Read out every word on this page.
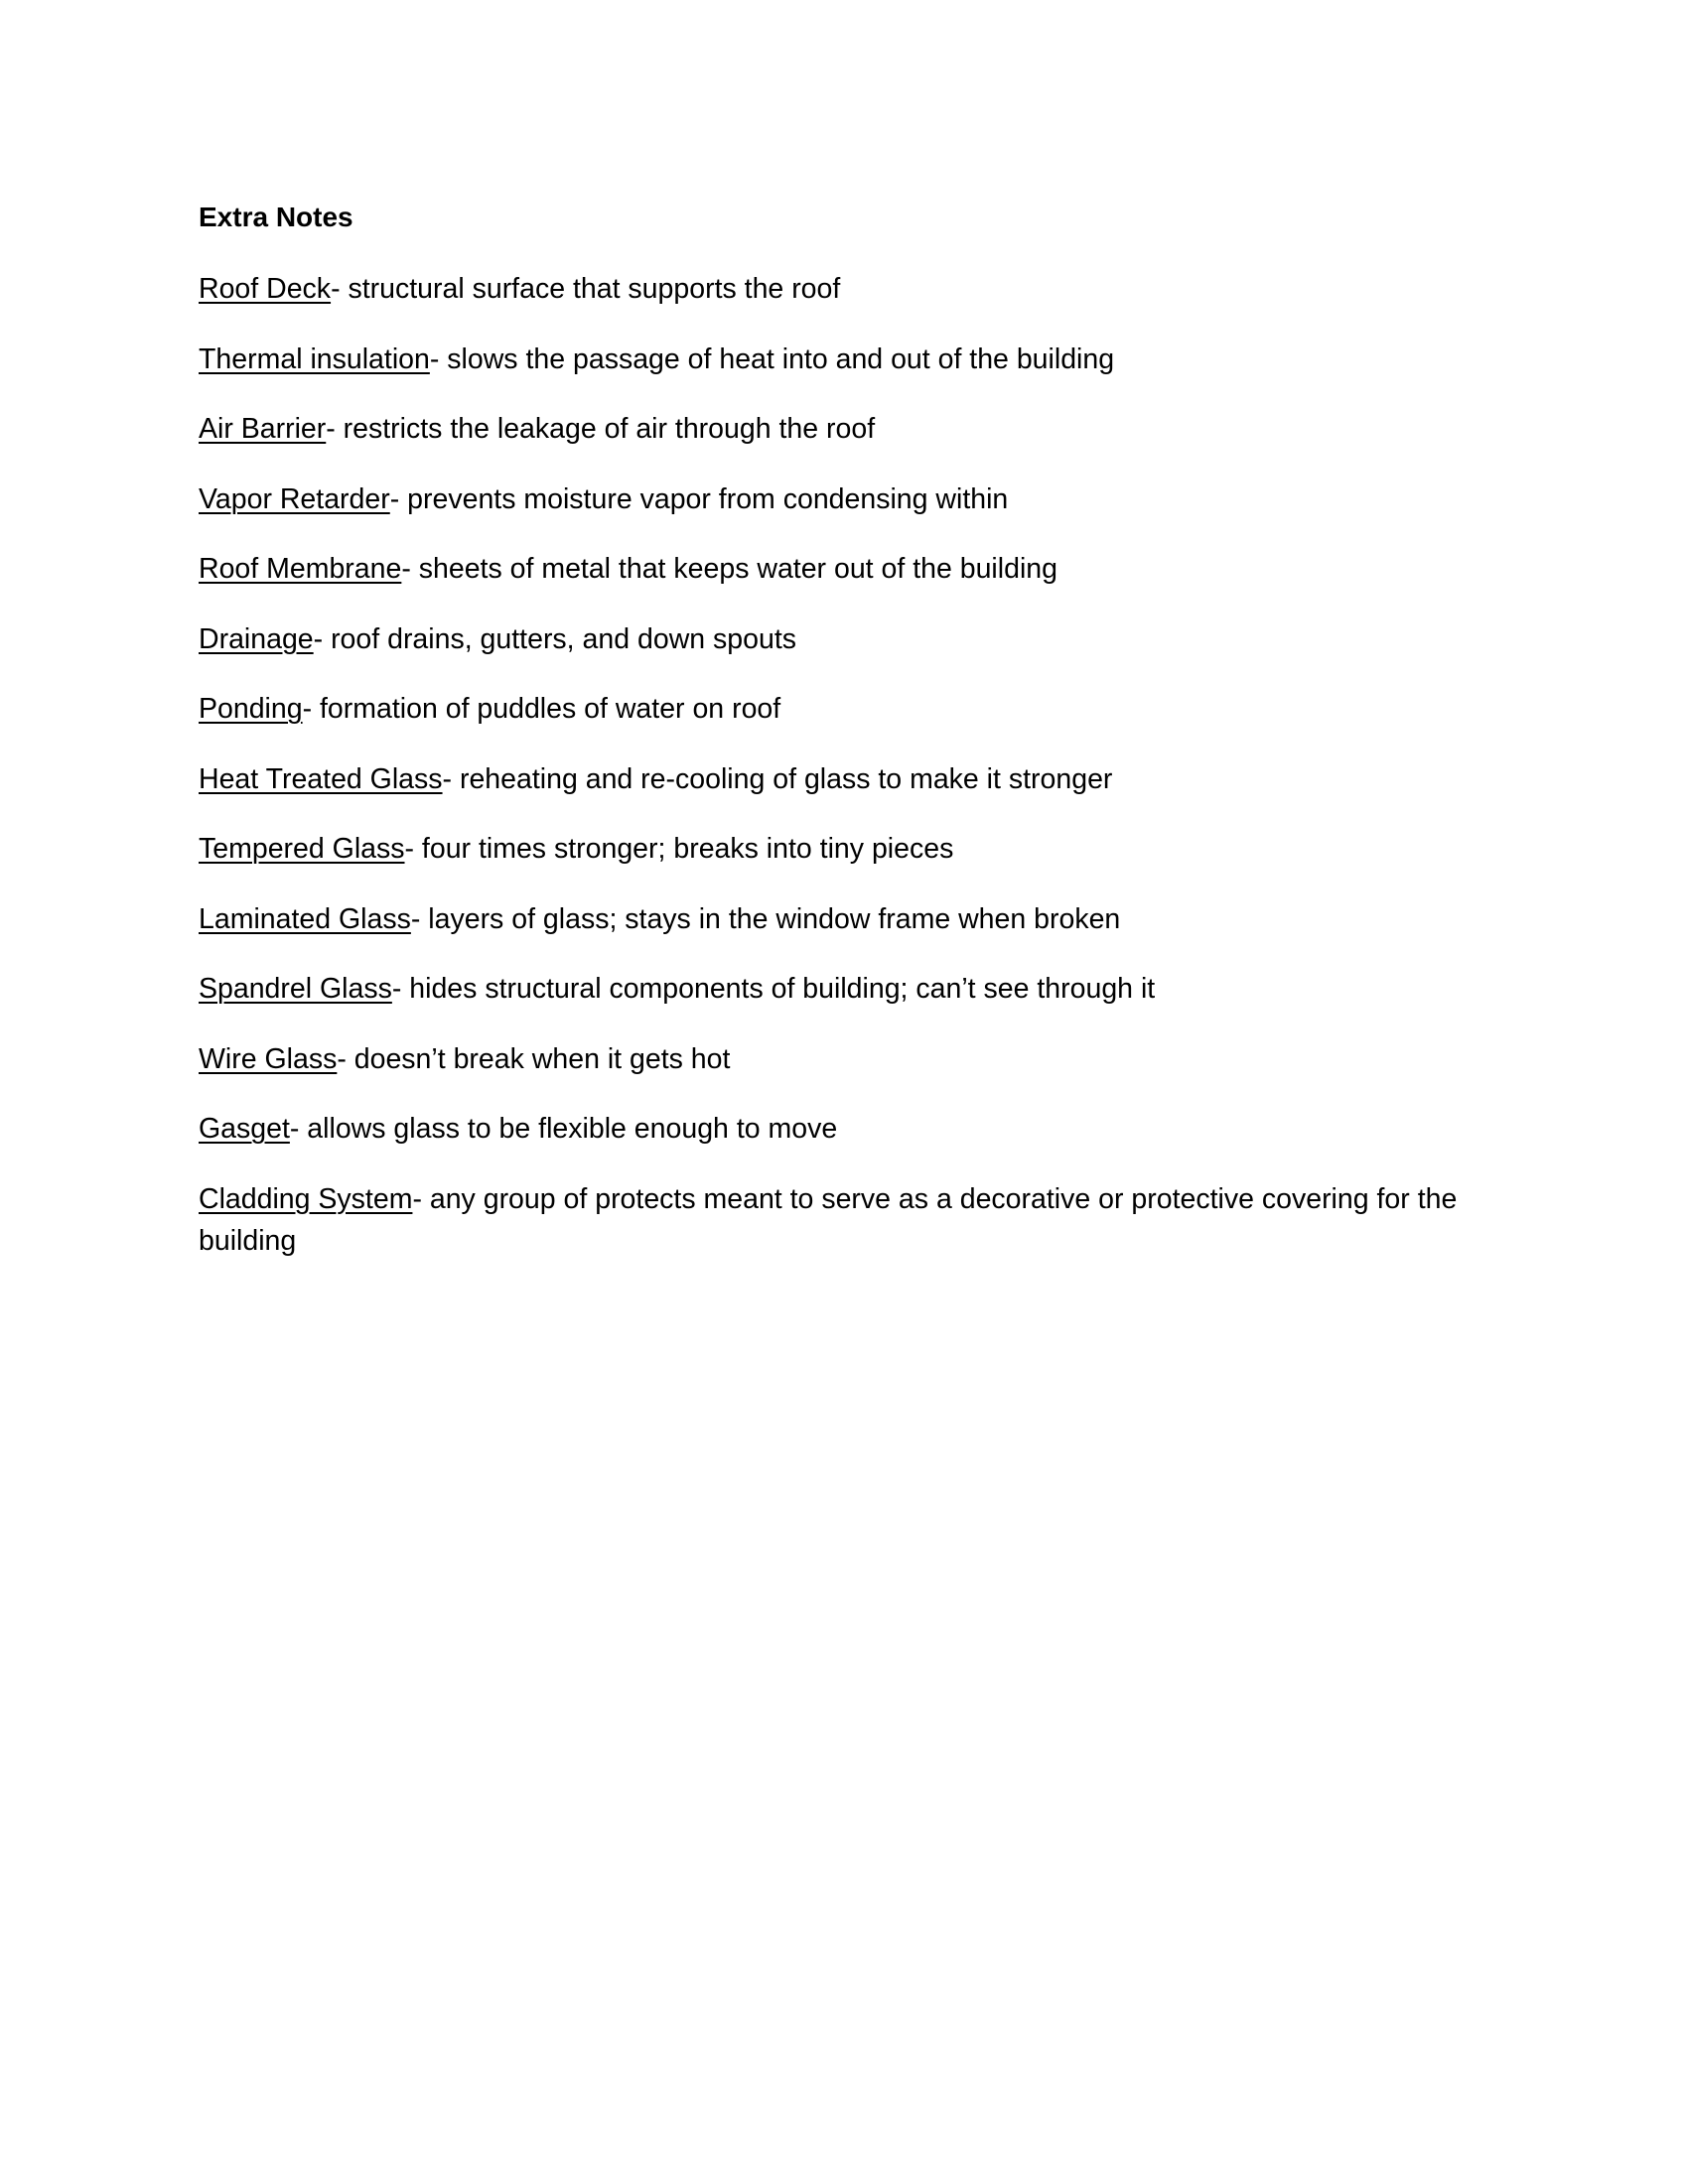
Extra Notes
Roof Deck- structural surface that supports the roof
Thermal insulation- slows the passage of heat into and out of the building
Air Barrier- restricts the leakage of air through the roof
Vapor Retarder- prevents moisture vapor from condensing within
Roof Membrane- sheets of metal that keeps water out of the building
Drainage- roof drains, gutters, and down spouts
Ponding- formation of puddles of water on roof
Heat Treated Glass- reheating and re-cooling of glass to make it stronger
Tempered Glass- four times stronger; breaks into tiny pieces
Laminated Glass- layers of glass; stays in the window frame when broken
Spandrel Glass- hides structural components of building; can’t see through it
Wire Glass- doesn’t break when it gets hot
Gasget- allows glass to be flexible enough to move
Cladding System- any group of protects meant to serve as a decorative or protective covering for the building
